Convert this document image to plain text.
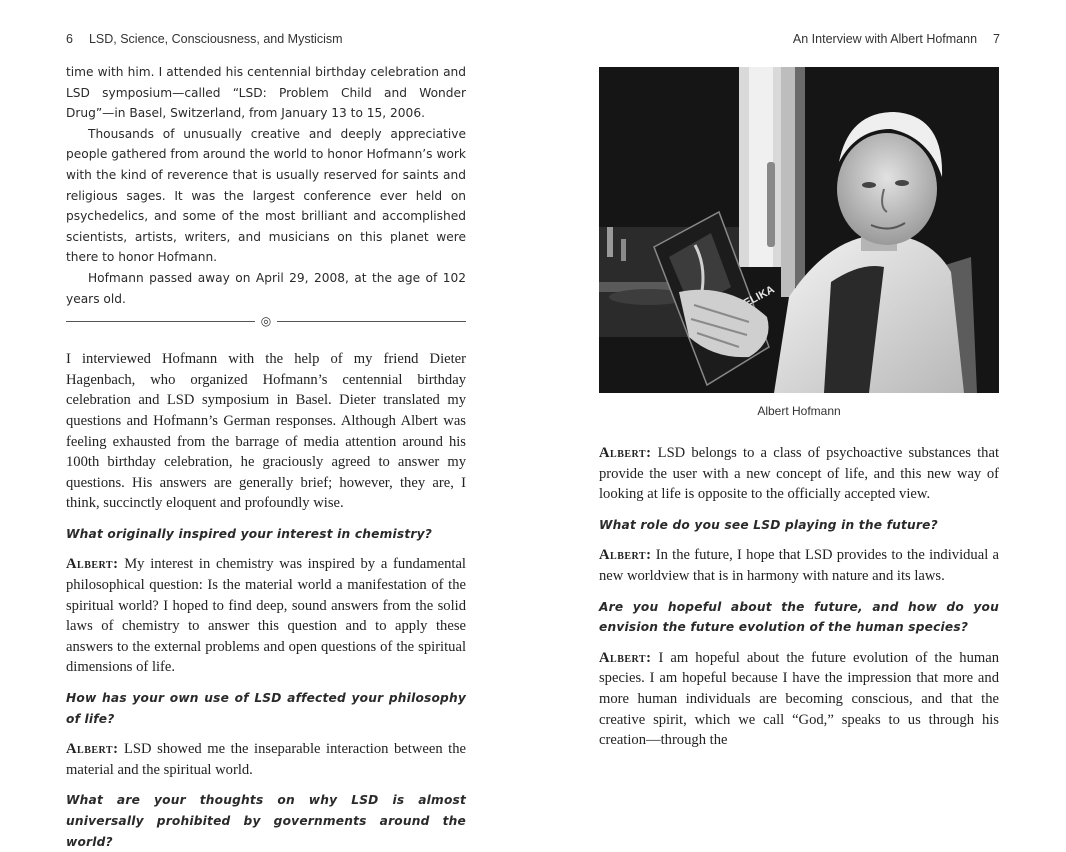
6 LSD, Science, Consciousness, and Mysticism

time with him. I attended his centennial birthday celebration and LSD symposium—called “LSD: Problem Child and Wonder Drug”—in Basel, Switzerland, from January 13 to 15, 2006.

Thousands of unusually creative and deeply appreciative people gathered from around the world to honor Hofmann’s work with the kind of reverence that is usually reserved for saints and religious sages. It was the largest conference ever held on psychedelics, and some of the most brilliant and accomplished scientists, artists, writers, and musicians on this planet were there to honor Hofmann.

Hofmann passed away on April 29, 2008, at the age of 102 years old.

◎

I interviewed Hofmann with the help of my friend Dieter Hagenbach, who organized Hofmann’s centennial birthday celebration and LSD symposium in Basel. Dieter translated my questions and Hofmann’s German responses. Although Albert was feeling exhausted from the barrage of media attention around his 100th birthday celebration, he graciously agreed to answer my questions. His answers are generally brief; however, they are, I think, succinctly eloquent and profoundly wise.

What originally inspired your interest in chemistry?

Albert: My interest in chemistry was inspired by a fundamental philosophical question: Is the material world a manifestation of the spiritual world? I hoped to find deep, sound answers from the solid laws of chemistry to answer this question and to apply these answers to the external problems and open questions of the spiritual dimensions of life.

How has your own use of LSD affected your philosophy of life?

Albert: LSD showed me the inseparable interaction between the material and the spiritual world.

What are your thoughts on why LSD is almost universally prohibited by governments around the world?

An Interview with Albert Hofmann 7
Albert Hofmann

Albert: LSD belongs to a class of psychoactive substances that provide the user with a new concept of life, and this new way of looking at life is opposite to the officially accepted view.

What role do you see LSD playing in the future?

Albert: In the future, I hope that LSD provides to the individual a new worldview that is in harmony with nature and its laws.

Are you hopeful about the future, and how do you envision the future evolution of the human species?

Albert: I am hopeful about the future evolution of the human species. I am hopeful because I have the impression that more and more human individuals are becoming conscious, and that the creative spirit, which we call “God,” speaks to us through his creation—through the
